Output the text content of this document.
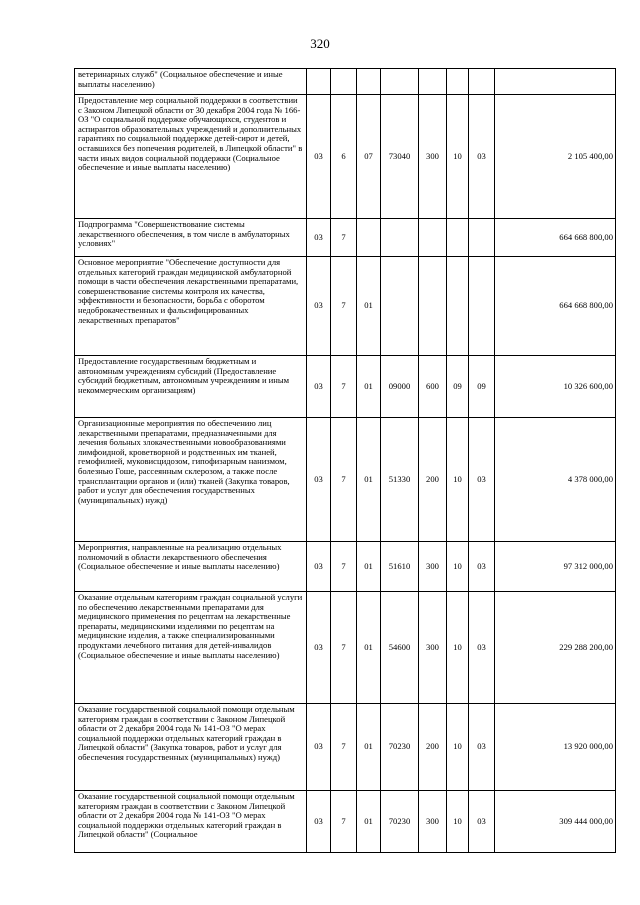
320
ветеринарных служб" (Социальное обеспечение и иные выплаты населению)								
Предоставление мер социальной поддержки в соответствии с Законом Липецкой области от 30 декабря 2004 года № 166-ОЗ "О социальной поддержке обучающихся, студентов и аспирантов образовательных учреждений и дополнительных гарантиях по социальной поддержке детей-сирот и детей, оставшихся без попечения родителей, в Липецкой области" в части иных видов социальной поддержки (Социальное обеспечение и иные выплаты населению)	03	6	07	73040	300	10	03	2 105 400,00
Подпрограмма "Совершенствование системы лекарственного обеспечения, в том числе в амбулаторных условиях"	03	7						664 668 800,00
Основное мероприятие "Обеспечение доступности для отдельных категорий граждан медицинской амбулаторной помощи в части обеспечения лекарственными препаратами, совершенствование системы контроля их качества, эффективности и безопасности, борьба с оборотом недоброкачественных и фальсифицированных лекарственных препаратов"	03	7	01					664 668 800,00
Предоставление государственным бюджетным и автономным учреждениям субсидий (Предоставление субсидий бюджетным, автономным учреждениям и иным некоммерческим организациям)	03	7	01	09000	600	09	09	10 326 600,00
Организационные мероприятия по обеспечению лиц лекарственными препаратами, предназначенными для лечения больных злокачественными новообразованиями лимфоидной, кроветворной и родственных им тканей, гемофилией, муковисцидозом, гипофизарным нанизмом, болезнью Гоше, рассеянным склерозом, а также после трансплантации органов и (или) тканей (Закупка товаров, работ и услуг для обеспечения государственных (муниципальных) нужд)	03	7	01	51330	200	10	03	4 378 000,00
Мероприятия, направленные на реализацию отдельных полномочий в области лекарственного обеспечения (Социальное обеспечение и иные выплаты населению)	03	7	01	51610	300	10	03	97 312 000,00
Оказание отдельным категориям граждан социальной услуги по обеспечению лекарственными препаратами для медицинского применения по рецептам на лекарственные препараты, медицинскими изделиями по рецептам на медицинские изделия, а также специализированными продуктами лечебного питания для детей-инвалидов (Социальное обеспечение и иные выплаты населению)	03	7	01	54600	300	10	03	229 288 200,00
Оказание государственной социальной помощи отдельным категориям граждан в соответствии с Законом Липецкой области от 2 декабря 2004 года № 141-ОЗ "О мерах социальной поддержки отдельных категорий граждан в Липецкой области" (Закупка товаров, работ и услуг для обеспечения государственных (муниципальных) нужд)	03	7	01	70230	200	10	03	13 920 000,00
Оказание государственной социальной помощи отдельным категориям граждан в соответствии с Законом Липецкой области от 2 декабря 2004 года № 141-ОЗ "О мерах социальной поддержки отдельных категорий граждан в Липецкой области" (Социальное	03	7	01	70230	300	10	03	309 444 000,00
